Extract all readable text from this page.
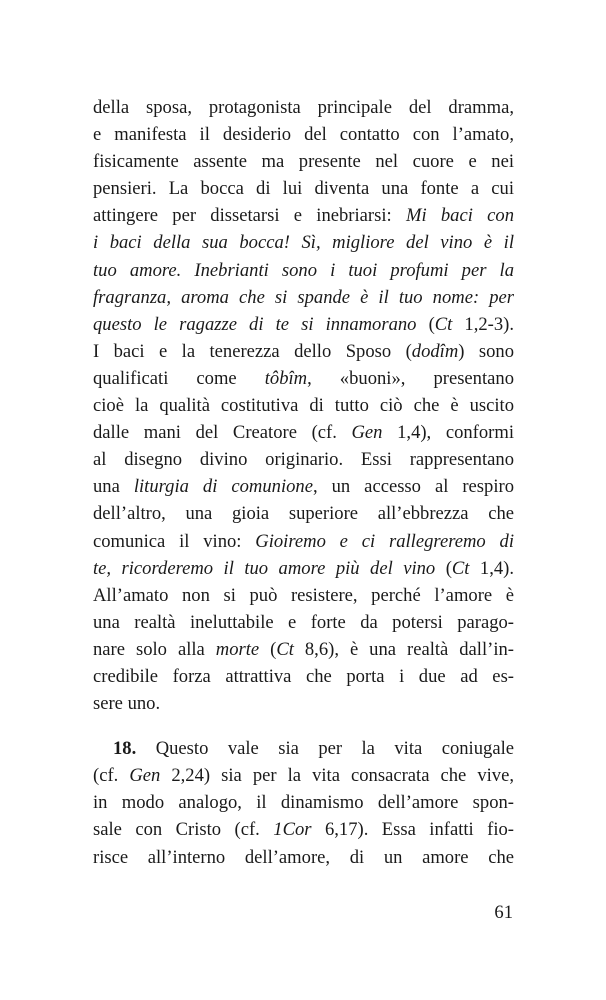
della sposa, protagonista principale del dramma,
e manifesta il desiderio del contatto con l’amato,
fisicamente assente ma presente nel cuore e nei
pensieri. La bocca di lui diventa una fonte a cui
attingere per dissetarsi e inebriarsi: Mi baci con
i baci della sua bocca! Sì, migliore del vino è il
tuo amore. Inebrianti sono i tuoi profumi per la
fragranza, aroma che si spande è il tuo nome: per
questo le ragazze di te si innamorano (Ct 1,2-3).
I baci e la tenerezza dello Sposo (dodîm) sono
qualificati come tôbîm, «buoni», presentano
cioè la qualità costitutiva di tutto ciò che è uscito
dalle mani del Creatore (cf. Gen 1,4), conformi
al disegno divino originario. Essi rappresentano
una liturgia di comunione, un accesso al respiro
dell’altro, una gioia superiore all’ebbrezza che
comunica il vino: Gioiremo e ci rallegreremo di
te, ricorderemo il tuo amore più del vino (Ct 1,4).
All’amato non si può resistere, perché l’amore è
una realtà ineluttabile e forte da potersi parago-
nare solo alla morte (Ct 8,6), è una realtà dall’in-
credibile forza attrattiva che porta i due ad es-
sere uno.
18. Questo vale sia per la vita coniugale
(cf. Gen 2,24) sia per la vita consacrata che vive,
in modo analogo, il dinamismo dell’amore spon-
sale con Cristo (cf. 1Cor 6,17). Essa infatti fio-
risce all’interno dell’amore, di un amore che
61
